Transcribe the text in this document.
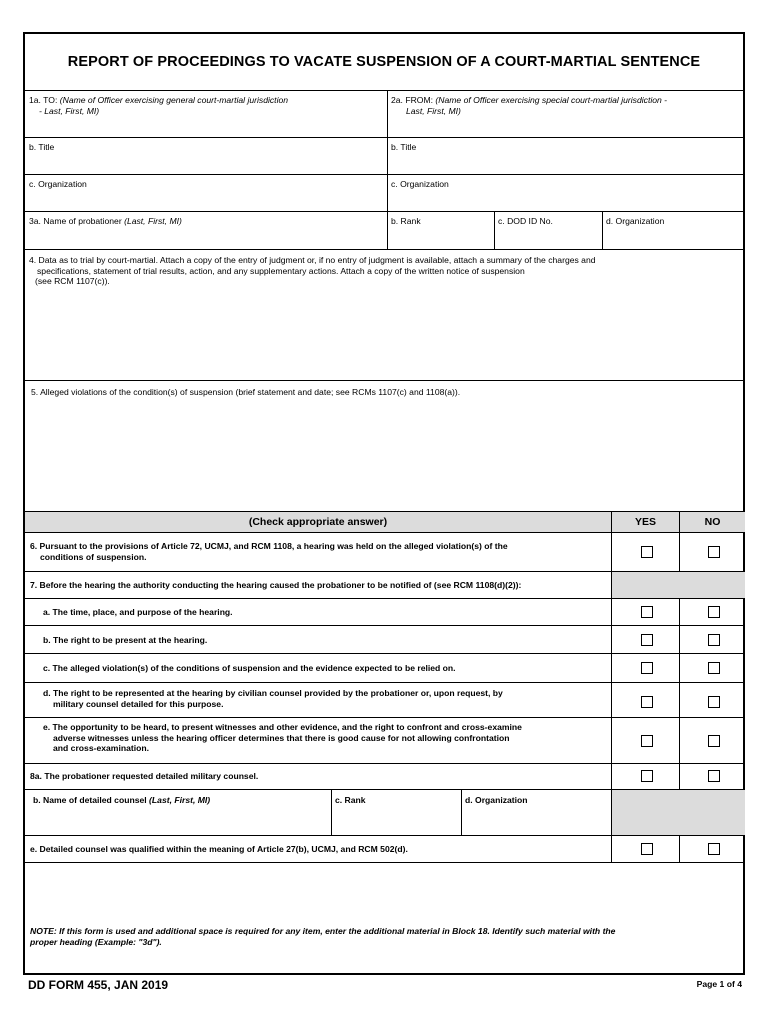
REPORT OF PROCEEDINGS TO VACATE SUSPENSION OF A COURT-MARTIAL SENTENCE
1a. TO: (Name of Officer exercising general court-martial jurisdiction
- Last, First, MI)
2a. FROM: (Name of Officer exercising special court-martial jurisdiction -
Last, First, MI)
b. Title	b. Title
c. Organization	c. Organization
3a. Name of probationer (Last, First, MI)	b. Rank	c. DOD ID No.	d. Organization
4. Data as to trial by court-martial. Attach a copy of the entry of judgment or, if no entry of judgment is available, attach a summary of the charges and
specifications, statement of trial results, action, and any supplementary actions. Attach a copy of the written notice of suspension
(see RCM 1107(c)).
5. Alleged violations of the condition(s) of suspension (brief statement and date; see RCMs 1107(c) and 1108(a)).
(Check appropriate answer)	YES	NO
6. Pursuant to the provisions of Article 72, UCMJ, and RCM 1108, a hearing was held on the alleged violation(s) of the
conditions of suspension.
7. Before the hearing the authority conducting the hearing caused the probationer to be notified of (see RCM 1108(d)(2)):
a. The time, place, and purpose of the hearing.
b. The right to be present at the hearing.
c. The alleged violation(s) of the conditions of suspension and the evidence expected to be relied on.
d. The right to be represented at the hearing by civilian counsel provided by the probationer or, upon request, by
military counsel detailed for this purpose.
e. The opportunity to be heard, to present witnesses and other evidence, and the right to confront and cross-examine
adverse witnesses unless the hearing officer determines that there is good cause for not allowing confrontation
and cross-examination.
8a. The probationer requested detailed military counsel.
b. Name of detailed counsel (Last, First, MI)	c. Rank	d. Organization
e. Detailed counsel was qualified within the meaning of Article 27(b), UCMJ, and RCM 502(d).
NOTE: If this form is used and additional space is required for any item, enter the additional material in Block 18. Identify such material with the
proper heading (Example: "3d").
DD FORM 455, JAN 2019	Page 1 of 4
